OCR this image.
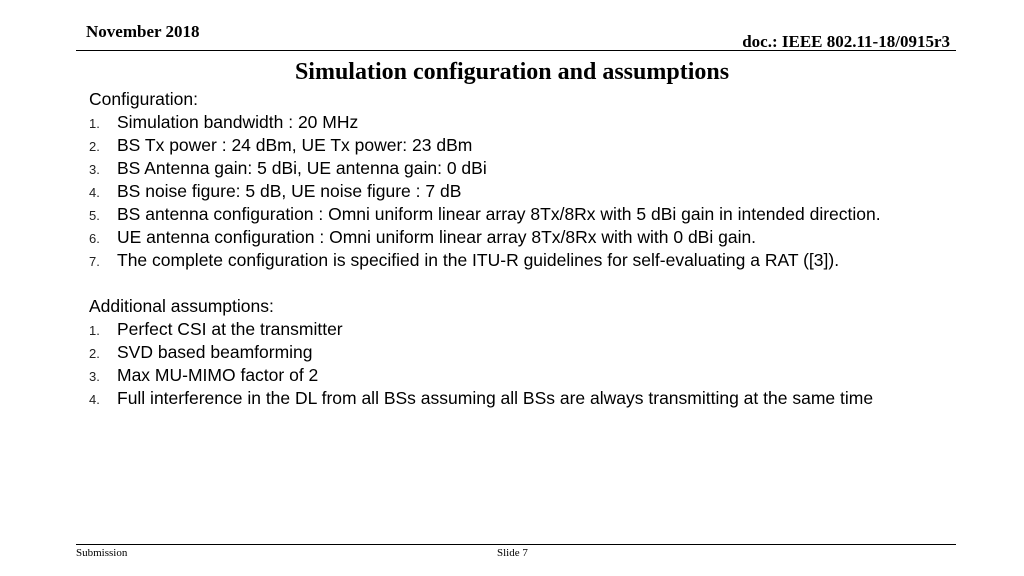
November 2018
doc.: IEEE 802.11-18/0915r3
Simulation configuration and assumptions
Configuration:
1. Simulation bandwidth : 20 MHz
2. BS Tx power : 24 dBm, UE Tx power: 23 dBm
3. BS Antenna gain: 5 dBi, UE antenna gain: 0 dBi
4. BS noise figure: 5 dB, UE noise figure : 7 dB
5. BS antenna configuration : Omni uniform linear array 8Tx/8Rx with 5 dBi gain in intended direction.
6. UE antenna configuration : Omni uniform linear array 8Tx/8Rx with with 0 dBi gain.
7. The complete configuration is specified in the ITU-R guidelines for self-evaluating a RAT ([3]).
Additional assumptions:
1. Perfect CSI at the transmitter
2. SVD based beamforming
3. Max MU-MIMO factor of 2
4. Full interference in the DL from all BSs assuming all BSs are always transmitting at the same time
Submission	Slide 7
